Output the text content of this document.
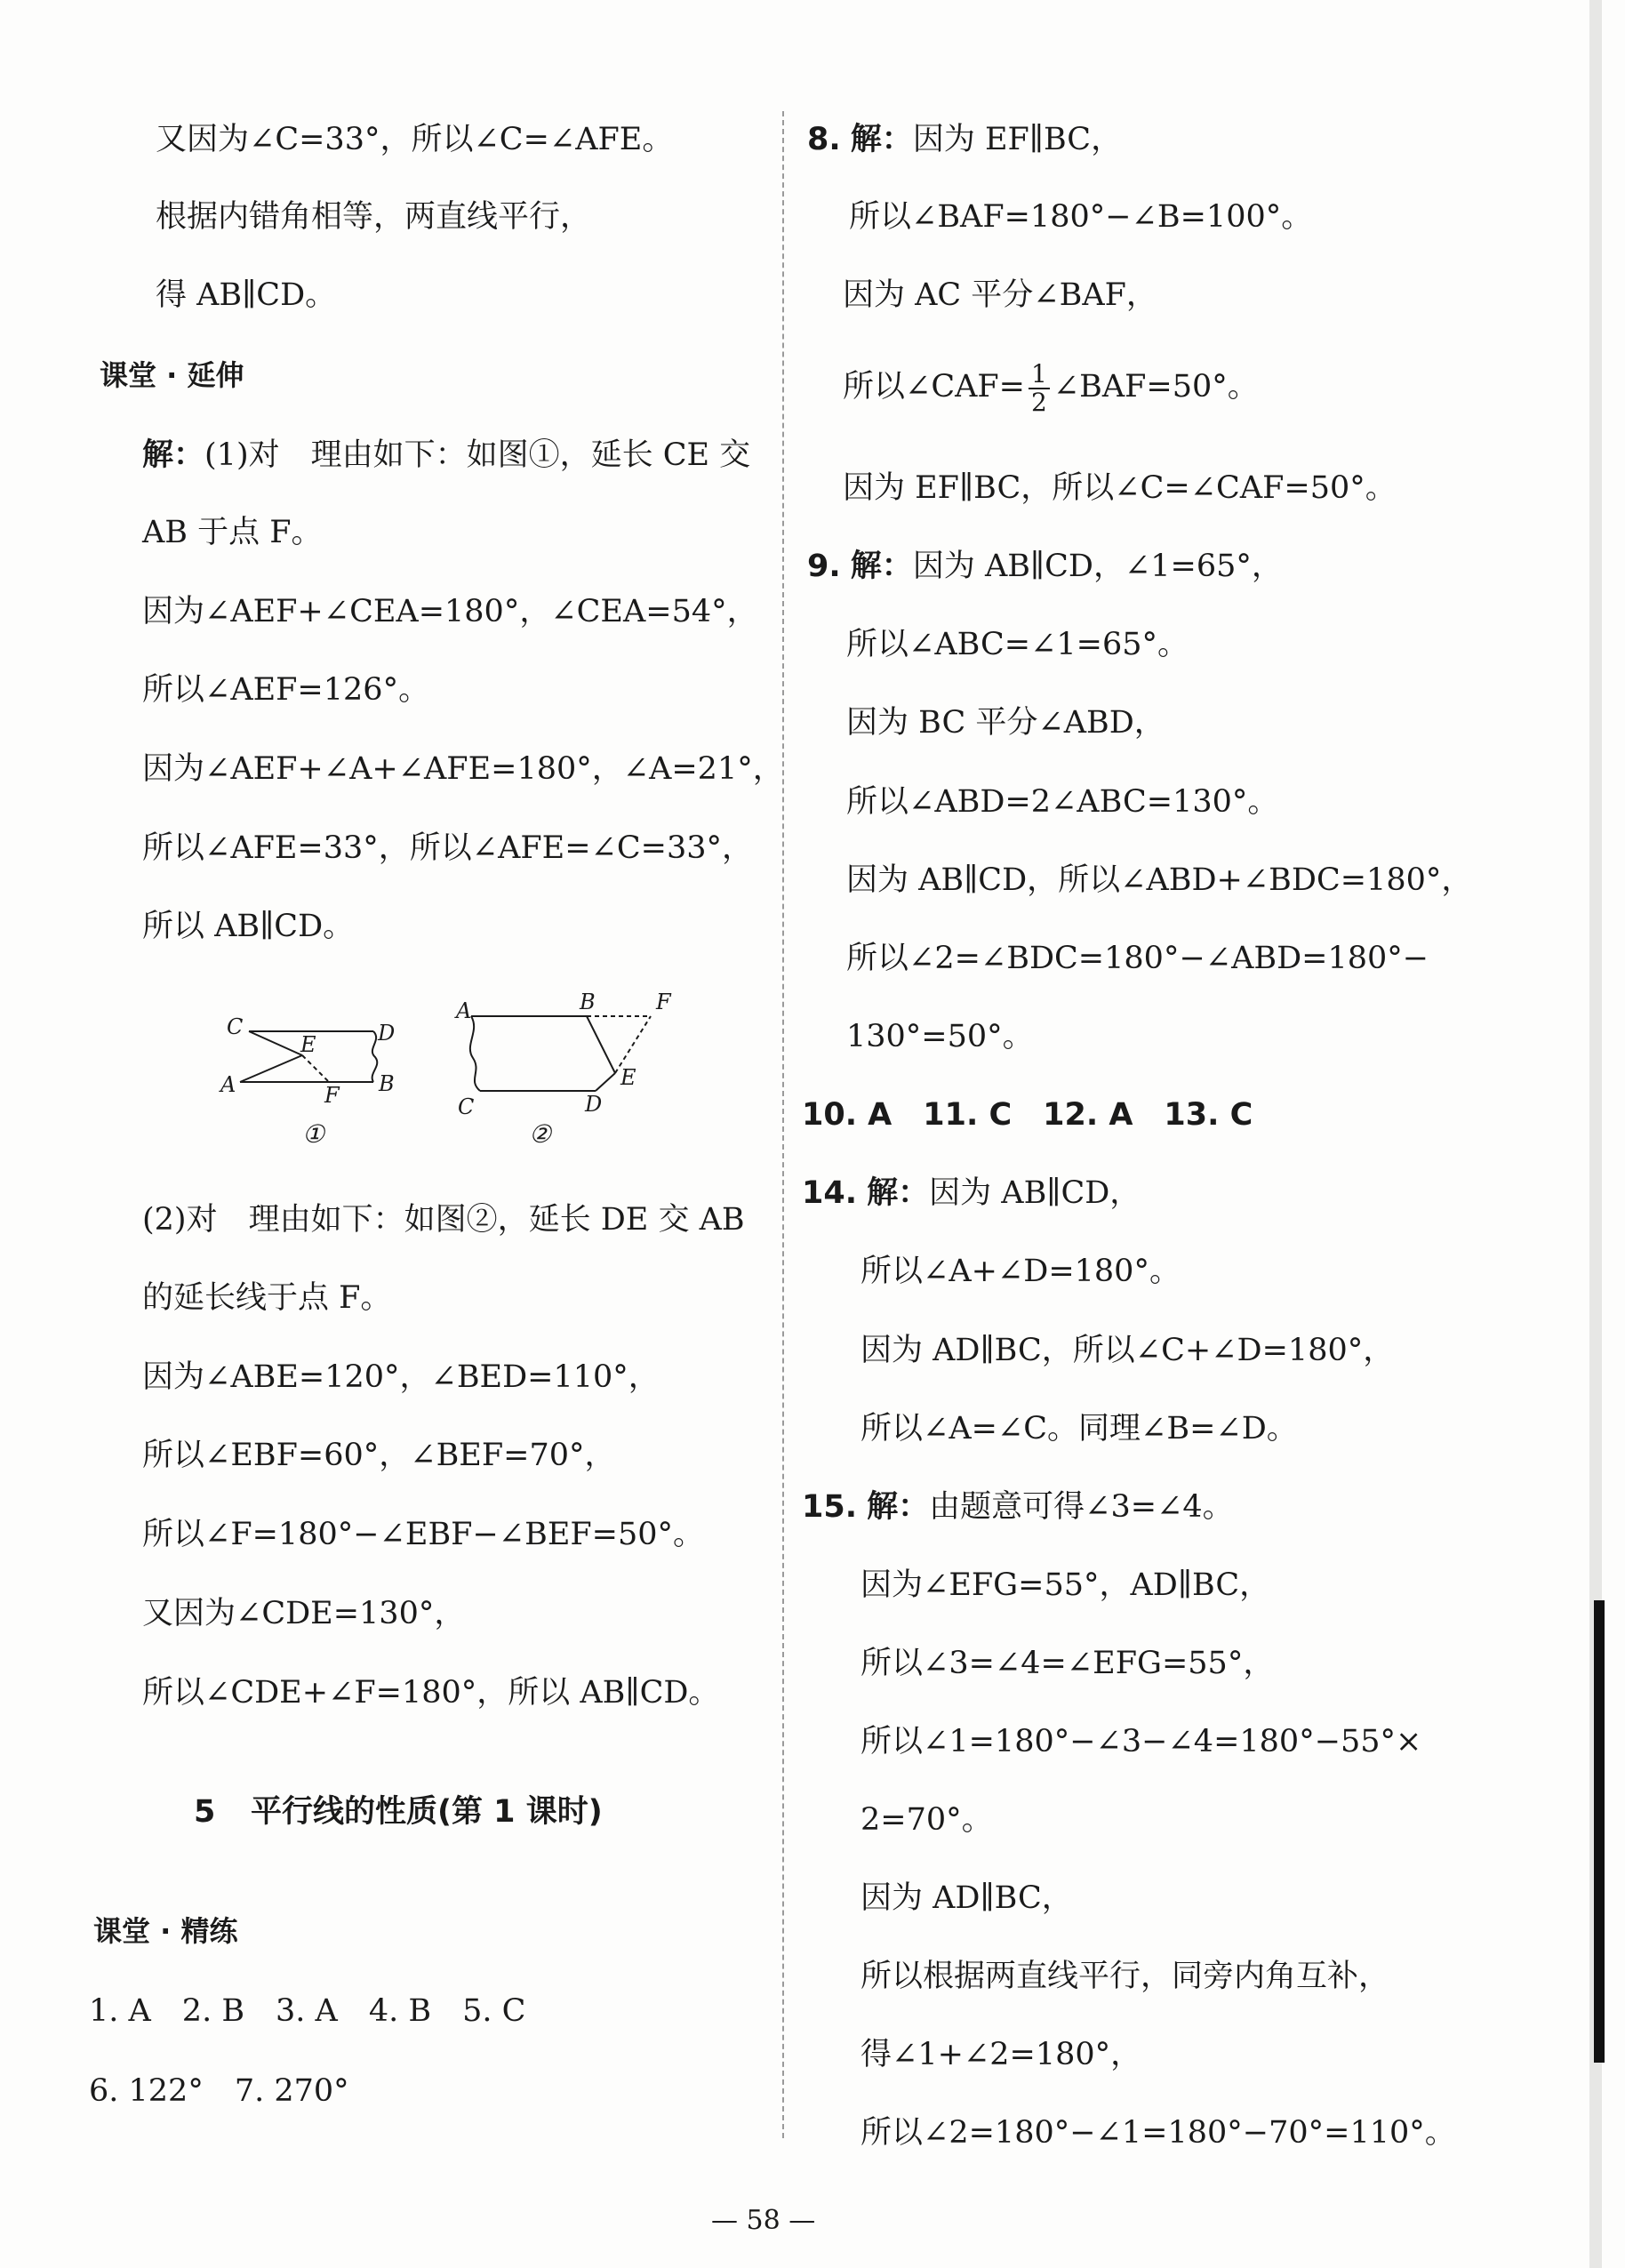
又因为∠C=33°，所以∠C=∠AFE。
根据内错角相等，两直线平行，
得 AB∥CD。
课堂 · 延伸
解：(1)对　理由如下：如图①，延长 CE 交
AB 于点 F。
因为∠AEF+∠CEA=180°，∠CEA=54°，
所以∠AEF=126°。
因为∠AEF+∠A+∠AFE=180°，∠A=21°，
所以∠AFE=33°，所以∠AFE=∠C=33°，
所以 AB∥CD。
C	D
E
A	F B
①
A	B	F
E
C	D
②
(2)对　理由如下：如图②，延长 DE 交 AB
的延长线于点 F。
因为∠ABE=120°，∠BED=110°，
所以∠EBF=60°，∠BEF=70°，
所以∠F=180°−∠EBF−∠BEF=50°。
又因为∠CDE=130°，
所以∠CDE+∠F=180°，所以 AB∥CD。
5 平行线的性质(第 1 课时)
课堂 · 精练
1. A　2. B　3. A　4. B　5. C
6. 122°　7. 270°
8. 解：因为 EF∥BC，
所以∠BAF=180°−∠B=100°。
因为 AC 平分∠BAF，
所以∠CAF= $\frac{1}{2}$ ∠BAF=50°。
因为 EF∥BC，所以∠C=∠CAF=50°。
9. 解：因为 AB∥CD，∠1=65°，
所以∠ABC=∠1=65°。
因为 BC 平分∠ABD，
所以∠ABD=2∠ABC=130°。
因为 AB∥CD，所以∠ABD+∠BDC=180°，
所以∠2=∠BDC=180°−∠ABD=180°−
130°=50°。
10. A　11. C　12. A　13. C
14. 解：因为 AB∥CD，
所以∠A+∠D=180°。
因为 AD∥BC，所以∠C+∠D=180°，
所以∠A=∠C。同理∠B=∠D。
15. 解：由题意可得∠3=∠4。
因为∠EFG=55°，AD∥BC，
所以∠3=∠4=∠EFG=55°，
所以∠1=180°−∠3−∠4=180°−55°×
2=70°。
因为 AD∥BC，
所以根据两直线平行，同旁内角互补，
得∠1+∠2=180°，
所以∠2=180°−∠1=180°−70°=110°。
— 58 —
